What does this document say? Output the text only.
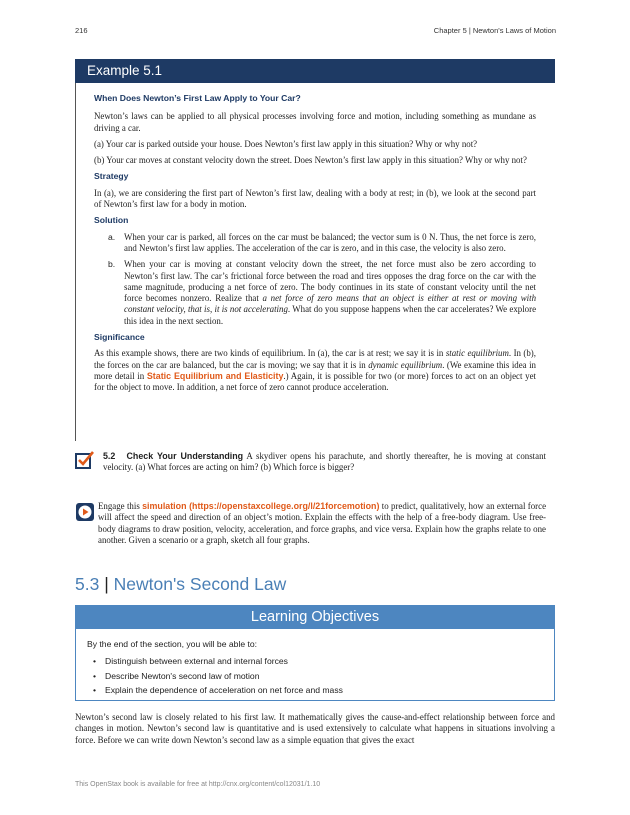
216	Chapter 5 | Newton's Laws of Motion
Example 5.1
When Does Newton’s First Law Apply to Your Car?

Newton’s laws can be applied to all physical processes involving force and motion, including something as mundane as driving a car.

(a) Your car is parked outside your house. Does Newton’s first law apply in this situation? Why or why not?

(b) Your car moves at constant velocity down the street. Does Newton’s first law apply in this situation? Why or why not?

Strategy

In (a), we are considering the first part of Newton’s first law, dealing with a body at rest; in (b), we look at the second part of Newton’s first law for a body in motion.

Solution
a. When your car is parked, all forces on the car must be balanced; the vector sum is 0 N. Thus, the net force is zero, and Newton’s first law applies. The acceleration of the car is zero, and in this case, the velocity is also zero.
b. When your car is moving at constant velocity down the street, the net force must also be zero according to Newton’s first law. The car’s frictional force between the road and tires opposes the drag force on the car with the same magnitude, producing a net force of zero. The body continues in its state of constant velocity until the net force becomes nonzero. Realize that a net force of zero means that an object is either at rest or moving with constant velocity, that is, it is not accelerating. What do you suppose happens when the car accelerates? We explore this idea in the next section.
Significance

As this example shows, there are two kinds of equilibrium. In (a), the car is at rest; we say it is in static equilibrium. In (b), the forces on the car are balanced, but the car is moving; we say that it is in dynamic equilibrium. (We examine this idea in more detail in Static Equilibrium and Elasticity.) Again, it is possible for two (or more) forces to act on an object yet for the object to move. In addition, a net force of zero cannot produce acceleration.

5.2 Check Your Understanding A skydiver opens his parachute, and shortly thereafter, he is moving at constant velocity. (a) What forces are acting on him? (b) Which force is bigger?
Engage this simulation (https://openstaxcollege.org/l/21forcemotion) to predict, qualitatively, how an external force will affect the speed and direction of an object’s motion. Explain the effects with the help of a free-body diagram. Use free-body diagrams to draw position, velocity, acceleration, and force graphs, and vice versa. Explain how the graphs relate to one another. Given a scenario or a graph, sketch all four graphs.
5.3 | Newton's Second Law
Learning Objectives
By the end of the section, you will be able to:
• Distinguish between external and internal forces
• Describe Newton's second law of motion
• Explain the dependence of acceleration on net force and mass
Newton’s second law is closely related to his first law. It mathematically gives the cause-and-effect relationship between force and changes in motion. Newton’s second law is quantitative and is used extensively to calculate what happens in situations involving a force. Before we can write down Newton’s second law as a simple equation that gives the exact
This OpenStax book is available for free at http://cnx.org/content/col12031/1.10
